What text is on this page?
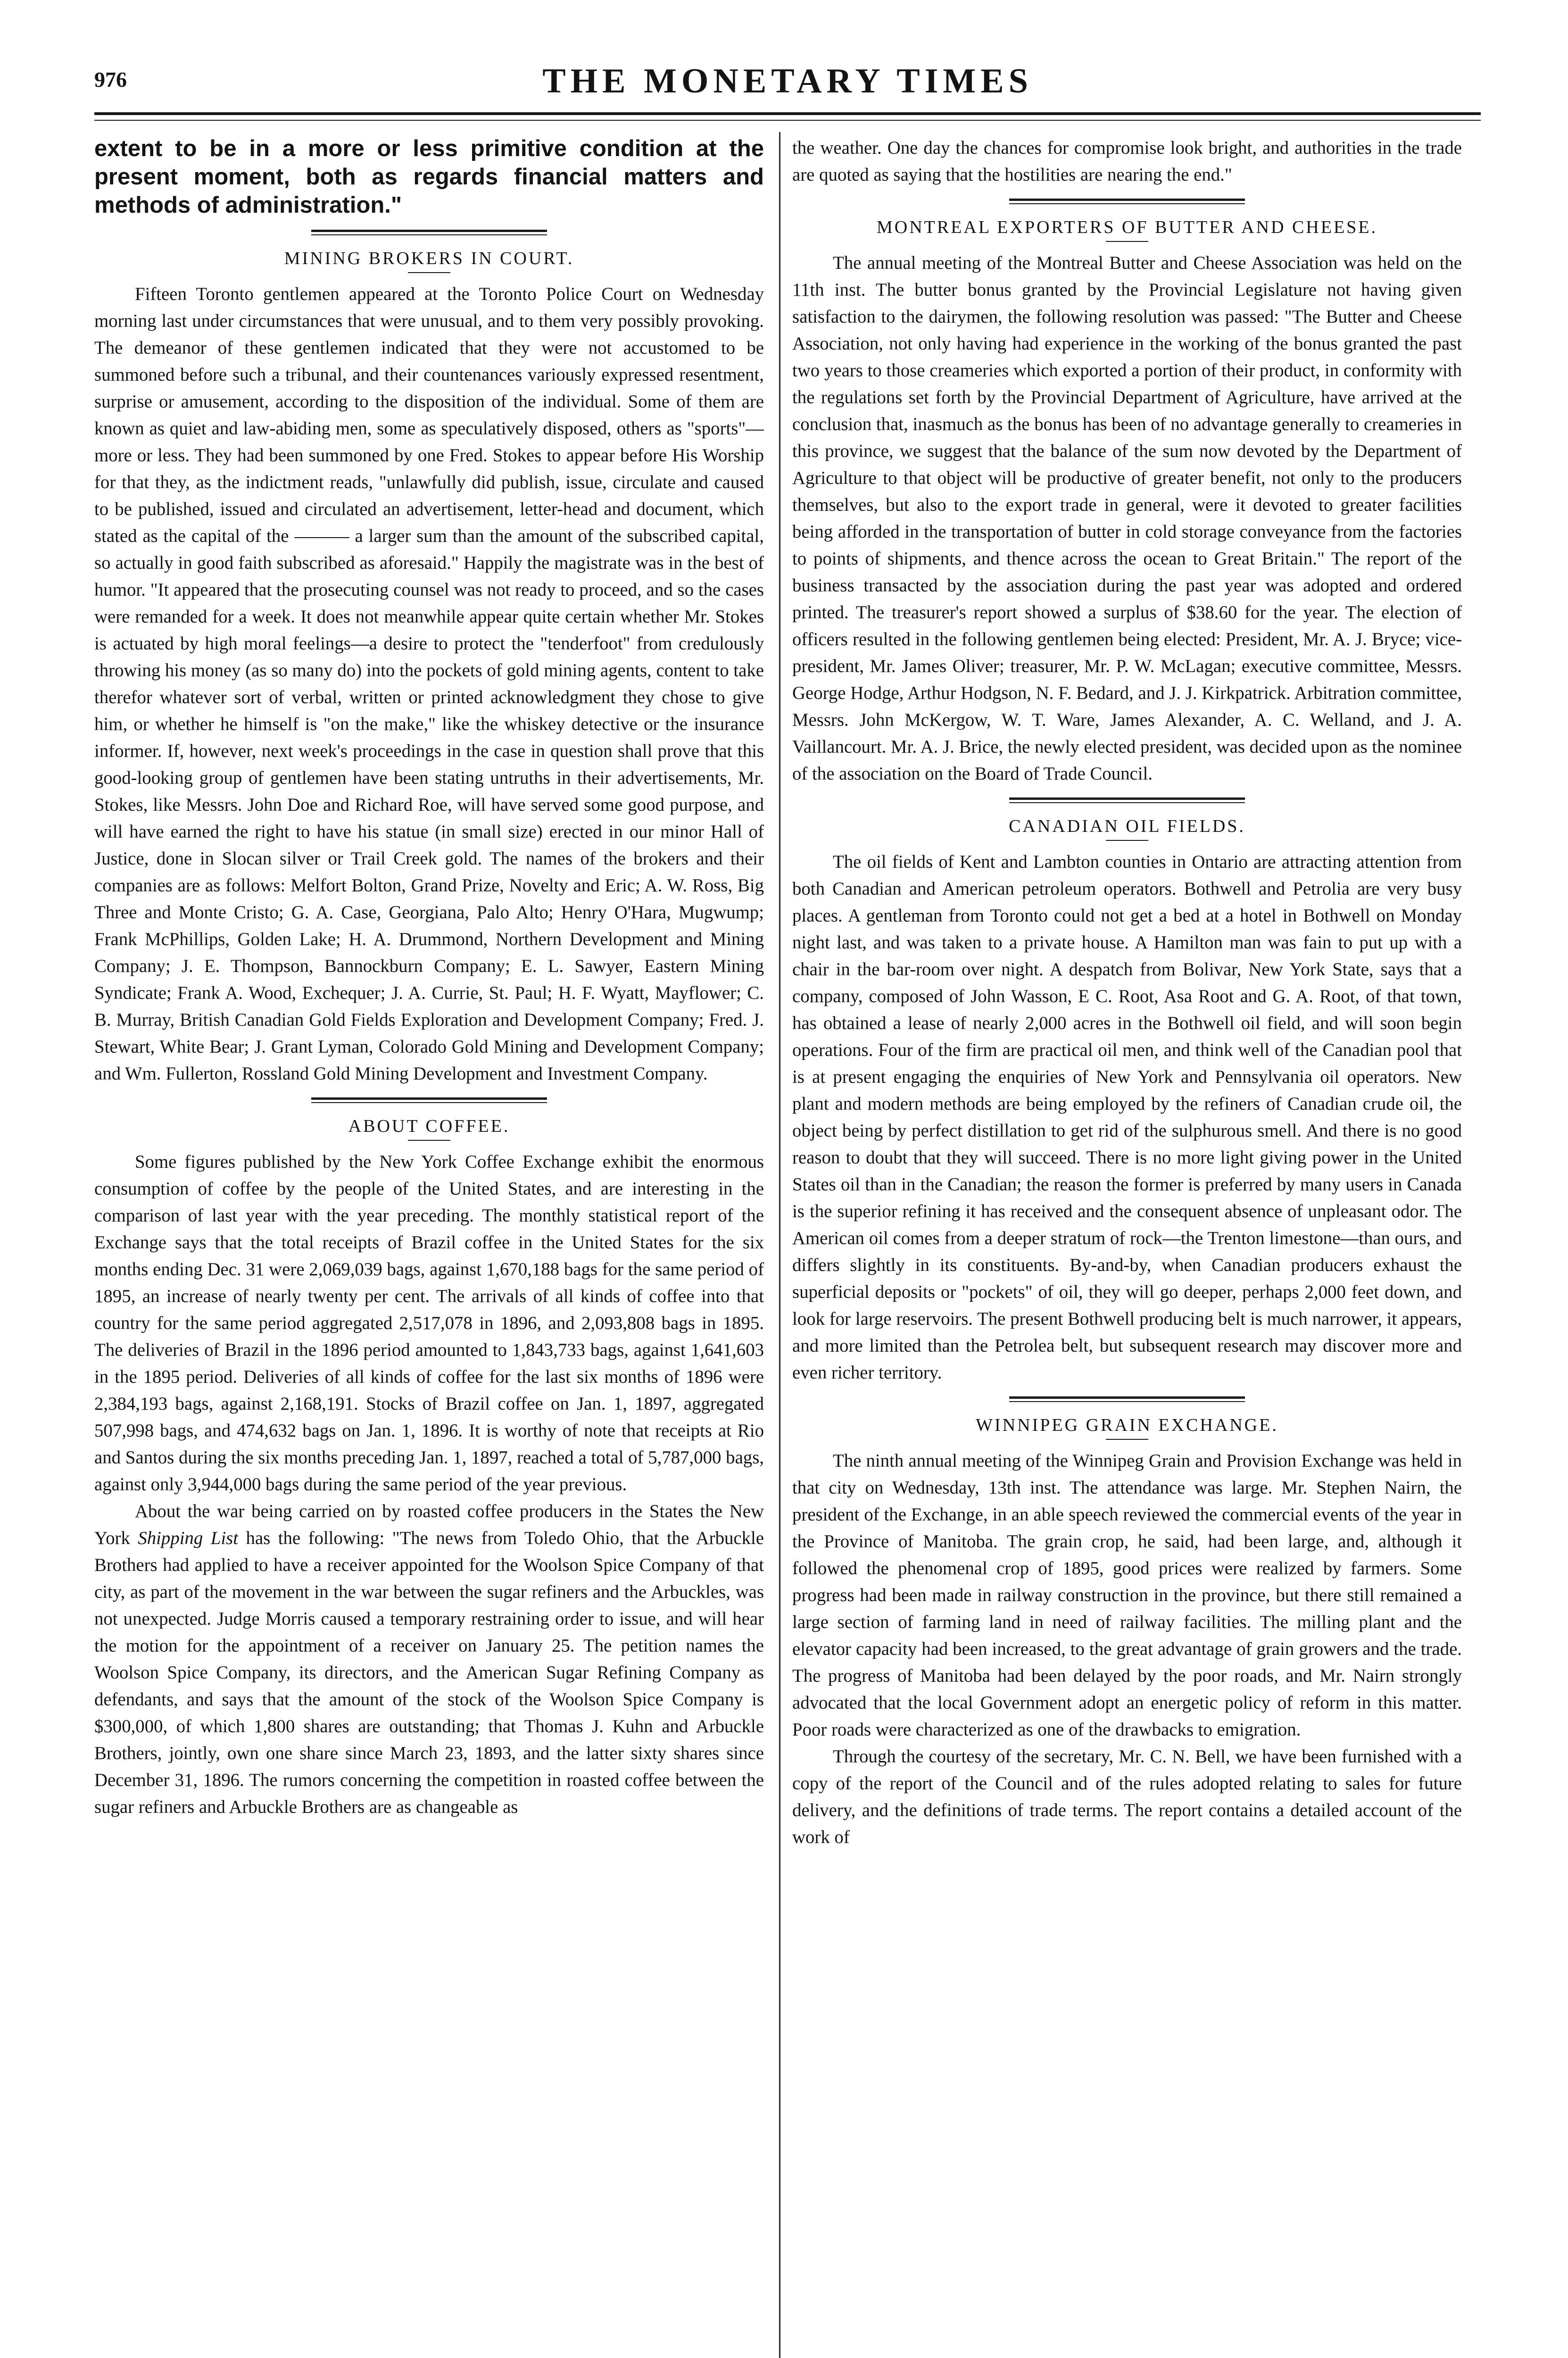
976	THE MONETARY TIMES

extent to be in a more or less primitive condition at the present moment, both as regards financial matters and methods of administration."

MINING BROKERS IN COURT.

Fifteen Toronto gentlemen appeared at the Toronto Police Court on Wednesday morning last under circumstances that were unusual, and to them very possibly provoking. The demeanor of these gentlemen indicated that they were not accustomed to be summoned before such a tribunal, and their countenances variously expressed resentment, surprise or amusement, according to the disposition of the individual. Some of them are known as quiet and law-abiding men, some as speculatively disposed, others as "sports"—more or less. They had been summoned by one Fred. Stokes to appear before His Worship for that they, as the indictment reads, "unlawfully did publish, issue, circulate and caused to be published, issued and circulated an advertisement, letter-head and document, which stated as the capital of the ——— a larger sum than the amount of the subscribed capital, so actually in good faith subscribed as aforesaid." Happily the magistrate was in the best of humor. "It appeared that the prosecuting counsel was not ready to proceed, and so the cases were remanded for a week. It does not meanwhile appear quite certain whether Mr. Stokes is actuated by high moral feelings—a desire to protect the "tenderfoot" from credulously throwing his money (as so many do) into the pockets of gold mining agents, content to take therefor whatever sort of verbal, written or printed acknowledgment they chose to give him, or whether he himself is "on the make," like the whiskey detective or the insurance informer. If, however, next week's proceedings in the case in question shall prove that this good-looking group of gentlemen have been stating untruths in their advertisements, Mr. Stokes, like Messrs. John Doe and Richard Roe, will have served some good purpose, and will have earned the right to have his statue (in small size) erected in our minor Hall of Justice, done in Slocan silver or Trail Creek gold. The names of the brokers and their companies are as follows: Melfort Bolton, Grand Prize, Novelty and Eric; A. W. Ross, Big Three and Monte Cristo; G. A. Case, Georgiana, Palo Alto; Henry O'Hara, Mugwump; Frank McPhillips, Golden Lake; H. A. Drummond, Northern Development and Mining Company; J. E. Thompson, Bannockburn Company; E. L. Sawyer, Eastern Mining Syndicate; Frank A. Wood, Exchequer; J. A. Currie, St. Paul; H. F. Wyatt, Mayflower; C. B. Murray, British Canadian Gold Fields Exploration and Development Company; Fred. J. Stewart, White Bear; J. Grant Lyman, Colorado Gold Mining and Development Company; and Wm. Fullerton, Rossland Gold Mining Development and Investment Company.

ABOUT COFFEE.

Some figures published by the New York Coffee Exchange exhibit the enormous consumption of coffee by the people of the United States, and are interesting in the comparison of last year with the year preceding. The monthly statistical report of the Exchange says that the total receipts of Brazil coffee in the United States for the six months ending Dec. 31 were 2,069,039 bags, against 1,670,188 bags for the same period of 1895, an increase of nearly twenty per cent. The arrivals of all kinds of coffee into that country for the same period aggregated 2,517,078 in 1896, and 2,093,808 bags in 1895. The deliveries of Brazil in the 1896 period amounted to 1,843,733 bags, against 1,641,603 in the 1895 period. Deliveries of all kinds of coffee for the last six months of 1896 were 2,384,193 bags, against 2,168,191. Stocks of Brazil coffee on Jan. 1, 1897, aggregated 507,998 bags, and 474,632 bags on Jan. 1, 1896. It is worthy of note that receipts at Rio and Santos during the six months preceding Jan. 1, 1897, reached a total of 5,787,000 bags, against only 3,944,000 bags during the same period of the year previous.

About the war being carried on by roasted coffee producers in the States the New York Shipping List has the following: "The news from Toledo Ohio, that the Arbuckle Brothers had applied to have a receiver appointed for the Woolson Spice Company of that city, as part of the movement in the war between the sugar refiners and the Arbuckles, was not unexpected. Judge Morris caused a temporary restraining order to issue, and will hear the motion for the appointment of a receiver on January 25. The petition names the Woolson Spice Company, its directors, and the American Sugar Refining Company as defendants, and says that the amount of the stock of the Woolson Spice Company is $300,000, of which 1,800 shares are outstanding; that Thomas J. Kuhn and Arbuckle Brothers, jointly, own one share since March 23, 1893, and the latter sixty shares since December 31, 1896. The rumors concerning the competition in roasted coffee between the sugar refiners and Arbuckle Brothers are as changeable as

the weather. One day the chances for compromise look bright, and authorities in the trade are quoted as saying that the hostilities are nearing the end."

MONTREAL EXPORTERS OF BUTTER AND CHEESE.

The annual meeting of the Montreal Butter and Cheese Association was held on the 11th inst. The butter bonus granted by the Provincial Legislature not having given satisfaction to the dairymen, the following resolution was passed: "The Butter and Cheese Association, not only having had experience in the working of the bonus granted the past two years to those creameries which exported a portion of their product, in conformity with the regulations set forth by the Provincial Department of Agriculture, have arrived at the conclusion that, inasmuch as the bonus has been of no advantage generally to creameries in this province, we suggest that the balance of the sum now devoted by the Department of Agriculture to that object will be productive of greater benefit, not only to the producers themselves, but also to the export trade in general, were it devoted to greater facilities being afforded in the transportation of butter in cold storage conveyance from the factories to points of shipments, and thence across the ocean to Great Britain." The report of the business transacted by the association during the past year was adopted and ordered printed. The treasurer's report showed a surplus of $38.60 for the year. The election of officers resulted in the following gentlemen being elected: President, Mr. A. J. Bryce; vice-president, Mr. James Oliver; treasurer, Mr. P. W. McLagan; executive committee, Messrs. George Hodge, Arthur Hodgson, N. F. Bedard, and J. J. Kirkpatrick. Arbitration committee, Messrs. John McKergow, W. T. Ware, James Alexander, A. C. Welland, and J. A. Vaillancourt. Mr. A. J. Brice, the newly elected president, was decided upon as the nominee of the association on the Board of Trade Council.

CANADIAN OIL FIELDS.

The oil fields of Kent and Lambton counties in Ontario are attracting attention from both Canadian and American petroleum operators. Bothwell and Petrolia are very busy places. A gentleman from Toronto could not get a bed at a hotel in Bothwell on Monday night last, and was taken to a private house. A Hamilton man was fain to put up with a chair in the bar-room over night. A despatch from Bolivar, New York State, says that a company, composed of John Wasson, E C. Root, Asa Root and G. A. Root, of that town, has obtained a lease of nearly 2,000 acres in the Bothwell oil field, and will soon begin operations. Four of the firm are practical oil men, and think well of the Canadian pool that is at present engaging the enquiries of New York and Pennsylvania oil operators. New plant and modern methods are being employed by the refiners of Canadian crude oil, the object being by perfect distillation to get rid of the sulphurous smell. And there is no good reason to doubt that they will succeed. There is no more light giving power in the United States oil than in the Canadian; the reason the former is preferred by many users in Canada is the superior refining it has received and the consequent absence of unpleasant odor. The American oil comes from a deeper stratum of rock—the Trenton limestone—than ours, and differs slightly in its constituents. By-and-by, when Canadian producers exhaust the superficial deposits or "pockets" of oil, they will go deeper, perhaps 2,000 feet down, and look for large reservoirs. The present Bothwell producing belt is much narrower, it appears, and more limited than the Petrolea belt, but subsequent research may discover more and even richer territory.

WINNIPEG GRAIN EXCHANGE.

The ninth annual meeting of the Winnipeg Grain and Provision Exchange was held in that city on Wednesday, 13th inst. The attendance was large. Mr. Stephen Nairn, the president of the Exchange, in an able speech reviewed the commercial events of the year in the Province of Manitoba. The grain crop, he said, had been large, and, although it followed the phenomenal crop of 1895, good prices were realized by farmers. Some progress had been made in railway construction in the province, but there still remained a large section of farming land in need of railway facilities. The milling plant and the elevator capacity had been increased, to the great advantage of grain growers and the trade. The progress of Manitoba had been delayed by the poor roads, and Mr. Nairn strongly advocated that the local Government adopt an energetic policy of reform in this matter. Poor roads were characterized as one of the drawbacks to emigration.

Through the courtesy of the secretary, Mr. C. N. Bell, we have been furnished with a copy of the report of the Council and of the rules adopted relating to sales for future delivery, and the definitions of trade terms. The report contains a detailed account of the work of
